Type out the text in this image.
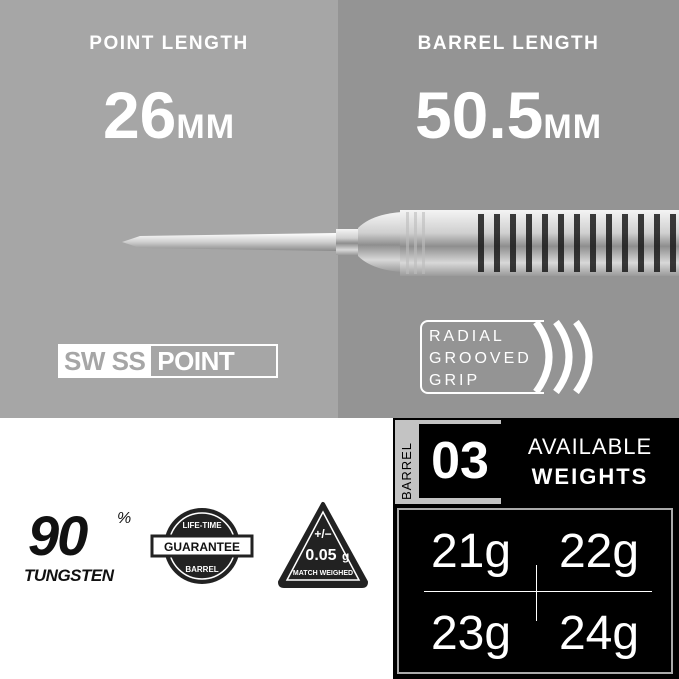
POINT LENGTH
26MM
BARREL LENGTH
50.5MM
SW SS POINT
RADIAL
GROOVED
GRIP
90 %
TUNGSTEN
GUARANTEE
LIFE-TIME
BARREL
+/−
0.05 g
MATCH WEIGHED
BARREL 03	AVAILABLE
WEIGHTS
21g 22g
23g 24g
